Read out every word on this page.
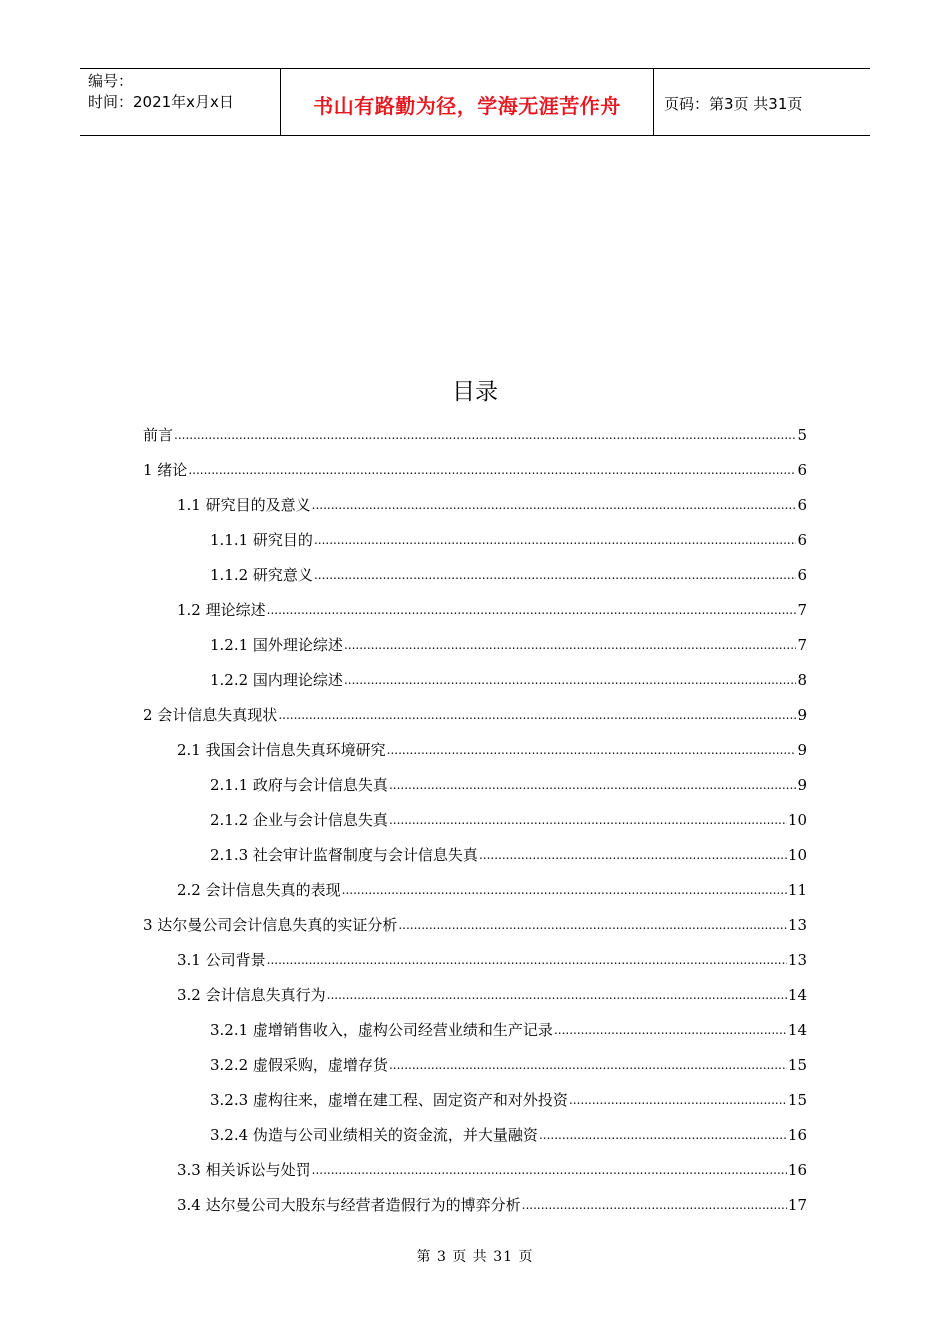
编号：
时间：2021年x月x日	书山有路勤为径，学海无涯苦作舟	页码：第3页 共31页
目录
前言 .....	5
1 绪论 .....	6
1.1 研究目的及意义 .....	6
1.1.1 研究目的 .....	6
1.1.2 研究意义 .....	6
1.2 理论综述 .....	7
1.2.1 国外理论综述 .....	7
1.2.2 国内理论综述 .....	8
2 会计信息失真现状 .....	9
2.1 我国会计信息失真环境研究 .....	9
2.1.1 政府与会计信息失真 .....	9
2.1.2 企业与会计信息失真 .....	10
2.1.3 社会审计监督制度与会计信息失真 .....	10
2.2 会计信息失真的表现 .....	11
3 达尔曼公司会计信息失真的实证分析 .....	13
3.1 公司背景 .....	13
3.2 会计信息失真行为 .....	14
3.2.1 虚增销售收入，虚构公司经营业绩和生产记录 .....	14
3.2.2 虚假采购，虚增存货 .....	15
3.2.3 虚构往来，虚增在建工程、固定资产和对外投资 .....	15
3.2.4 伪造与公司业绩相关的资金流，并大量融资 .....	16
3.3 相关诉讼与处罚 .....	16
3.4 达尔曼公司大股东与经营者造假行为的博弈分析 .....	17
第 3 页 共 31 页
